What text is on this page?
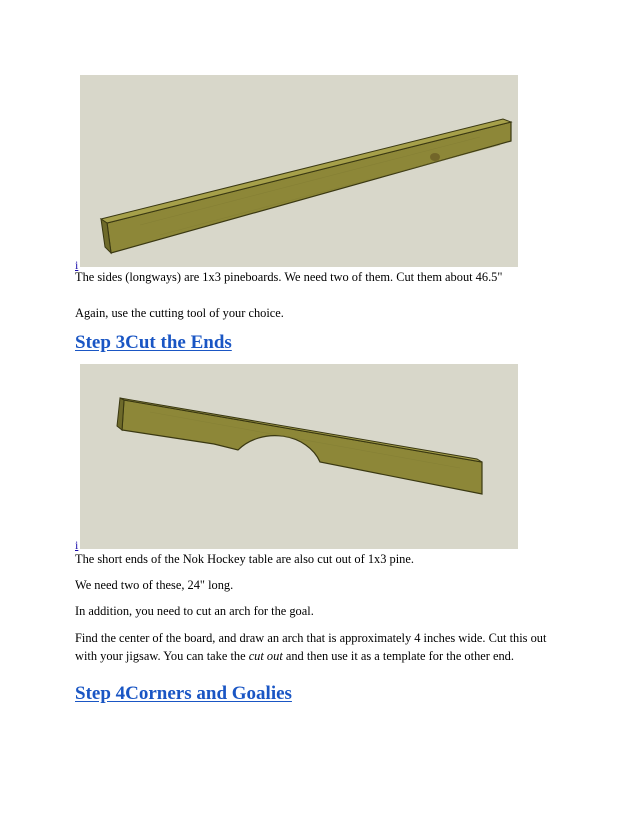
i

The sides (longways) are 1x3 pineboards. We need two of them. Cut them about 46.5"

Again, use the cutting tool of your choice.

Step 3Cut the Ends
i

The short ends of the Nok Hockey table are also cut out of 1x3 pine.

We need two of these, 24" long.

In addition, you need to cut an arch for the goal.

Find the center of the board, and draw an arch that is approximately 4 inches wide. Cut this out with your jigsaw. You can take the cut out and then use it as a template for the other end.

Step 4Corners and Goalies
